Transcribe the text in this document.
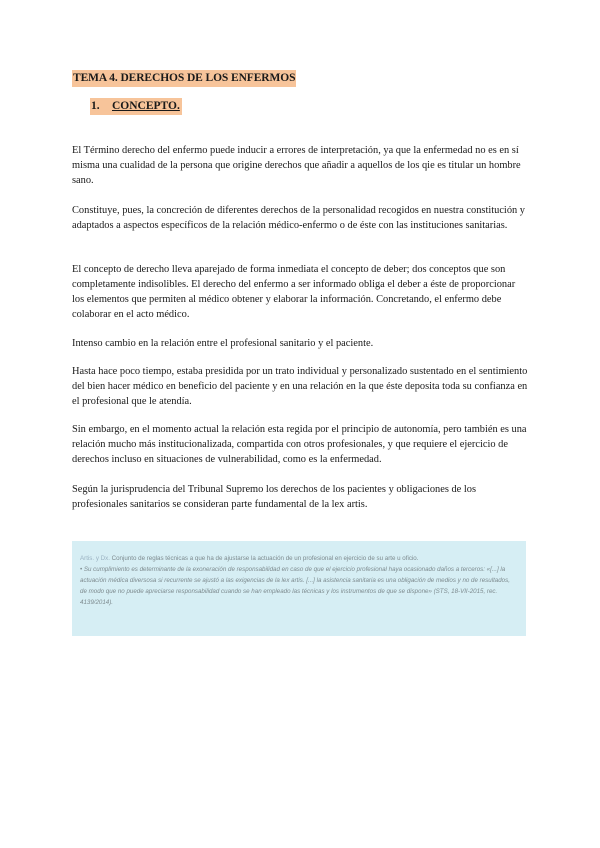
TEMA 4. DERECHOS DE LOS ENFERMOS
1. CONCEPTO.

El Término derecho del enfermo puede inducir a errores de interpretación, ya que la enfermedad no es en sí misma una cualidad de la persona que origine derechos que añadir a aquellos de los qie es titular un hombre sano.

Constituye, pues, la concreción de diferentes derechos de la personalidad recogidos en nuestra constitución y adaptados a aspectos específicos de la relación médico-enfermo o de éste con las instituciones sanitarias.

El concepto de derecho lleva aparejado de forma inmediata el concepto de deber; dos conceptos que son completamente indisolibles. El derecho del enfermo a ser informado obliga el deber a éste de proporcionar los elementos que permiten al médico obtener y elaborar la información. Concretando, el enfermo debe colaborar en el acto médico.

Intenso cambio en la relación entre el profesional sanitario y el paciente.

Hasta hace poco tiempo, estaba presidida por un trato individual y personalizado sustentado en el sentimiento del bien hacer médico en beneficio del paciente y en una relación en la que éste deposita toda su confianza en el profesional que le atendía.

Sin embargo, en el momento actual la relación esta regida por el principio de autonomía, pero también es una relación mucho más institucionalizada, compartida con otros profesionales, y que requiere el ejercicio de derechos incluso en situaciones de vulnerabilidad, como es la enfermedad.

Según la jurisprudencia del Tribunal Supremo los derechos de los pacientes y obligaciones de los profesionales sanitarios se consideran parte fundamental de la lex artis.

Artis. y Dx. Conjunto de reglas técnicas a que ha de ajustarse la actuación de un profesional en ejercicio de su arte u oficio.
• Su cumplimiento es determinante de la exoneración de responsabilidad en caso de que el ejercicio profesional haya ocasionado daños a terceros: «[...] la actuación médica diversosa si recurrente se ajustó a las exigencias de la lex artis. [...] la asistencia sanitaria es una obligación de medios y no de resultados, de modo que no puede apreciarse responsabilidad cuando se han empleado las técnicas y los instrumentos de que se dispone» (STS, 18-VII-2015, rec. 4139/2014).
